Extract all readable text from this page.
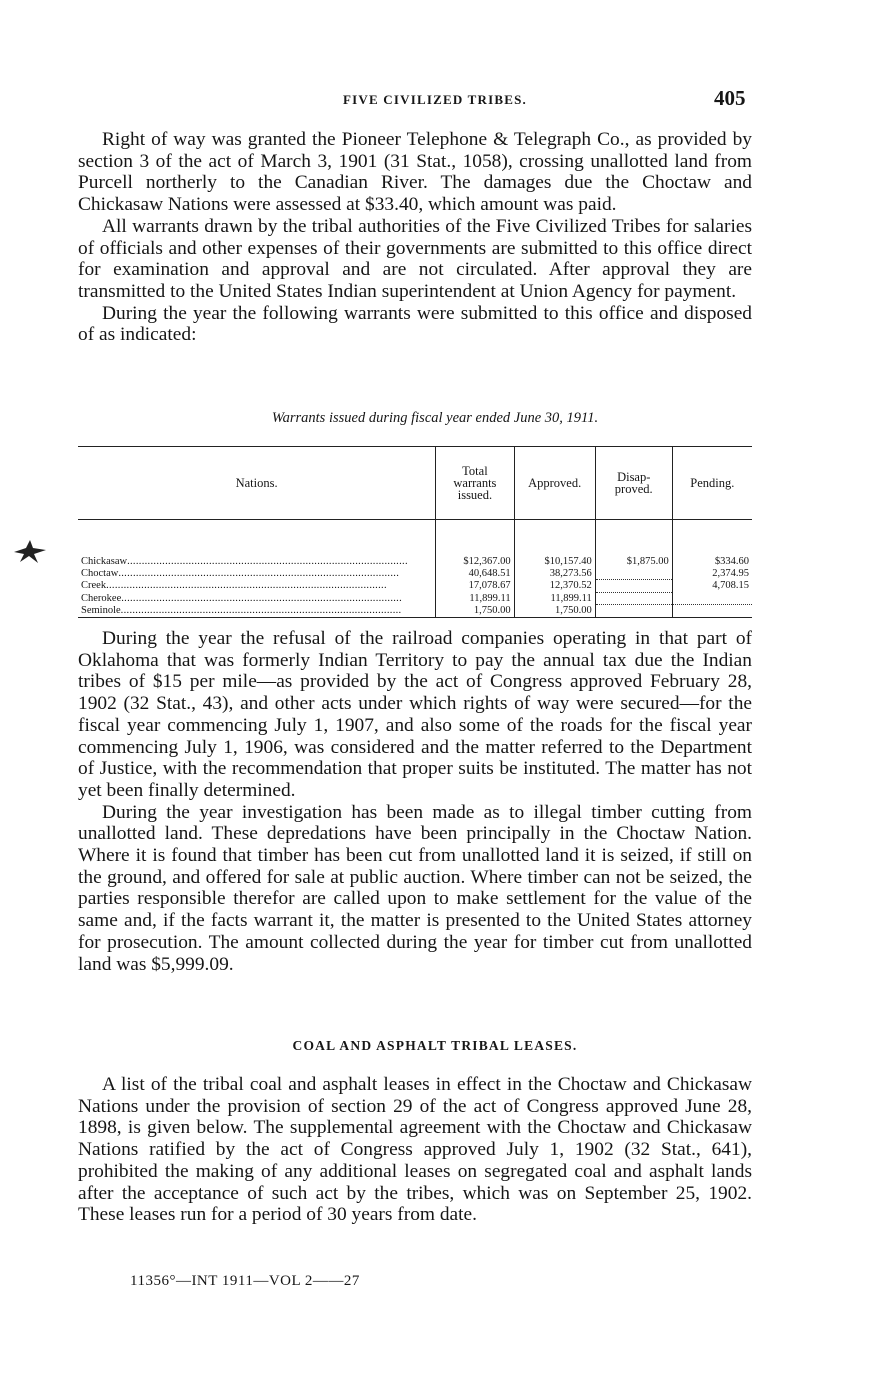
FIVE CIVILIZED TRIBES.	405

Right of way was granted the Pioneer Telephone & Telegraph Co., as provided by section 3 of the act of March 3, 1901 (31 Stat., 1058), crossing unallotted land from Purcell northerly to the Canadian River. The damages due the Choctaw and Chickasaw Nations were assessed at $33.40, which amount was paid.

All warrants drawn by the tribal authorities of the Five Civilized Tribes for salaries of officials and other expenses of their governments are submitted to this office direct for examination and approval and are not circulated. After approval they are transmitted to the United States Indian superintendent at Union Agency for payment.

During the year the following warrants were submitted to this office and disposed of as indicated:

Warrants issued during fiscal year ended June 30, 1911.
Nations.	Total warrants issued.	Approved.	Disap-proved.	Pending.
Chickasaw................................................................................................	$12,367.00	$10,157.40	$1,875.00	$334.60
Choctaw................................................................................................	40,648.51	38,273.56		2,374.95
Creek................................................................................................	17,078.67	12,370.52		4,708.15
Cherokee................................................................................................	11,899.11	11,899.11		
Seminole................................................................................................	1,750.00	1,750.00		

During the year the refusal of the railroad companies operating in that part of Oklahoma that was formerly Indian Territory to pay the annual tax due the Indian tribes of $15 per mile—as provided by the act of Congress approved February 28, 1902 (32 Stat., 43), and other acts under which rights of way were secured—for the fiscal year commencing July 1, 1907, and also some of the roads for the fiscal year commencing July 1, 1906, was considered and the matter referred to the Department of Justice, with the recommendation that proper suits be instituted. The matter has not yet been finally determined.

During the year investigation has been made as to illegal timber cutting from unallotted land. These depredations have been principally in the Choctaw Nation. Where it is found that timber has been cut from unallotted land it is seized, if still on the ground, and offered for sale at public auction. Where timber can not be seized, the parties responsible therefor are called upon to make settlement for the value of the same and, if the facts warrant it, the matter is presented to the United States attorney for prosecution. The amount collected during the year for timber cut from unallotted land was $5,999.09.

COAL AND ASPHALT TRIBAL LEASES.

A list of the tribal coal and asphalt leases in effect in the Choctaw and Chickasaw Nations under the provision of section 29 of the act of Congress approved June 28, 1898, is given below. The supplemental agreement with the Choctaw and Chickasaw Nations ratified by the act of Congress approved July 1, 1902 (32 Stat., 641), prohibited the making of any additional leases on segregated coal and asphalt lands after the acceptance of such act by the tribes, which was on September 25, 1902. These leases run for a period of 30 years from date.

11356°—INT 1911—VOL 2——27
